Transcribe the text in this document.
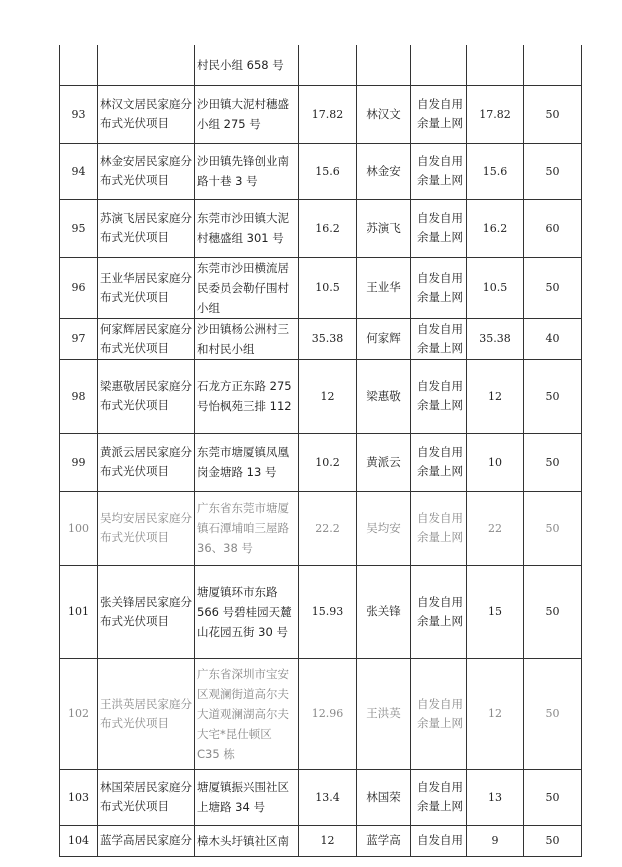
		村民小组 658 号					
93	林汉文居民家庭分布式光伏项目	沙田镇大泥村穗盛小组 275 号	17.82	林汉文	自发自用余量上网	17.82	50
94	林金安居民家庭分布式光伏项目	沙田镇先锋创业南路十巷 3 号	15.6	林金安	自发自用余量上网	15.6	50
95	苏演飞居民家庭分布式光伏项目	东莞市沙田镇大泥村穗盛组 301 号	16.2	苏演飞	自发自用余量上网	16.2	60
96	王业华居民家庭分布式光伏项目	东莞市沙田横流居民委员会勒仔围村小组	10.5	王业华	自发自用余量上网	10.5	50
97	何家辉居民家庭分布式光伏项目	沙田镇杨公洲村三和村民小组	35.38	何家辉	自发自用余量上网	35.38	40
98	梁惠敬居民家庭分布式光伏项目	石龙方正东路 275 号怡枫苑三排 112	12	梁惠敬	自发自用余量上网	12	50
99	黄派云居民家庭分布式光伏项目	东莞市塘厦镇凤凰岗金塘路 13 号	10.2	黄派云	自发自用余量上网	10	50
100	吴均安居民家庭分布式光伏项目	广东省东莞市塘厦镇石潭埔咱三屋路 36、38 号	22.2	吴均安	自发自用余量上网	22	50
101	张关锋居民家庭分布式光伏项目	塘厦镇环市东路 566 号碧桂园天麓山花园五街 30 号	15.93	张关锋	自发自用余量上网	15	50
102	王洪英居民家庭分布式光伏项目	广东省深圳市宝安区观澜街道高尔夫大道观澜湖高尔夫大宅*昆仕顿区 C35 栋	12.96	王洪英	自发自用余量上网	12	50
103	林国荣居民家庭分布式光伏项目	塘厦镇振兴围社区上塘路 34 号	13.4	林国荣	自发自用余量上网	13	50
104	蓝学高居民家庭分	樟木头圩镇社区南	12	蓝学高	自发自用	9	50
